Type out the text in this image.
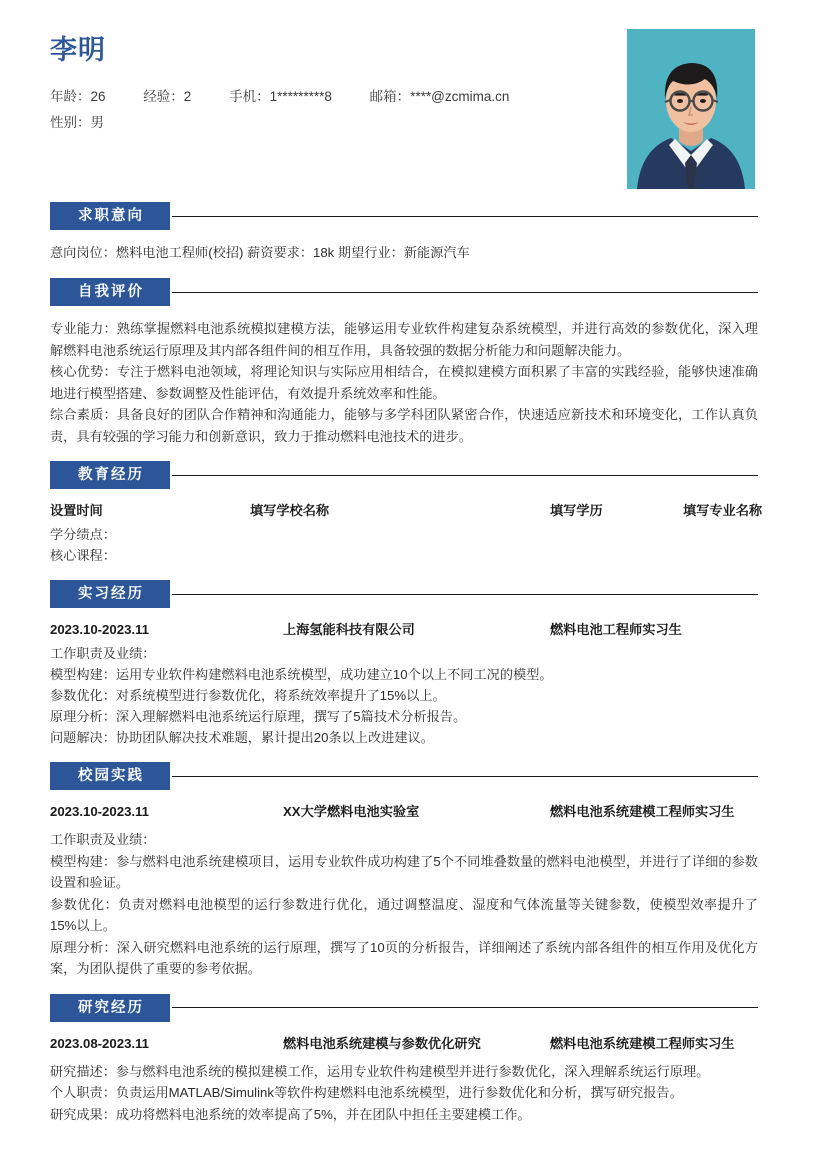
李明
年龄：26	经验：2	手机：1*********8	邮箱：****@zcmima.cn
性别：男
求职意向
意向岗位：燃料电池工程师(校招) 薪资要求：18k 期望行业：新能源汽车
自我评价

专业能力：熟练掌握燃料电池系统模拟建模方法，能够运用专业软件构建复杂系统模型，并进行高效的参数优化，深入理解燃料电池系统运行原理及其内部各组件间的相互作用，具备较强的数据分析能力和问题解决能力。

核心优势：专注于燃料电池领域，将理论知识与实际应用相结合，在模拟建模方面积累了丰富的实践经验，能够快速准确地进行模型搭建、参数调整及性能评估，有效提升系统效率和性能。

综合素质：具备良好的团队合作精神和沟通能力，能够与多学科团队紧密合作，快速适应新技术和环境变化，工作认真负责，具有较强的学习能力和创新意识，致力于推动燃料电池技术的进步。

教育经历
设置时间	填写学校名称	填写学历	填写专业名称
学分绩点：
核心课程：
实习经历
2023.10-2023.11	上海氢能科技有限公司	燃料电池工程师实习生
工作职责及业绩：
模型构建：运用专业软件构建燃料电池系统模型，成功建立10个以上不同工况的模型。
参数优化：对系统模型进行参数优化，将系统效率提升了15%以上。
原理分析：深入理解燃料电池系统运行原理，撰写了5篇技术分析报告。
问题解决：协助团队解决技术难题，累计提出20条以上改进建议。
校园实践
2023.10-2023.11	XX大学燃料电池实验室	燃料电池系统建模工程师实习生

工作职责及业绩：

模型构建：参与燃料电池系统建模项目，运用专业软件成功构建了5个不同堆叠数量的燃料电池模型，并进行了详细的参数设置和验证。

参数优化：负责对燃料电池模型的运行参数进行优化，通过调整温度、湿度和气体流量等关键参数，使模型效率提升了15%以上。

原理分析：深入研究燃料电池系统的运行原理，撰写了10页的分析报告，详细阐述了系统内部各组件的相互作用及优化方案，为团队提供了重要的参考依据。

研究经历
2023.08-2023.11	燃料电池系统建模与参数优化研究	燃料电池系统建模工程师实习生

研究描述：参与燃料电池系统的模拟建模工作，运用专业软件构建模型并进行参数优化，深入理解系统运行原理。

个人职责：负责运用MATLAB/Simulink等软件构建燃料电池系统模型，进行参数优化和分析，撰写研究报告。

研究成果：成功将燃料电池系统的效率提高了5%，并在团队中担任主要建模工作。
